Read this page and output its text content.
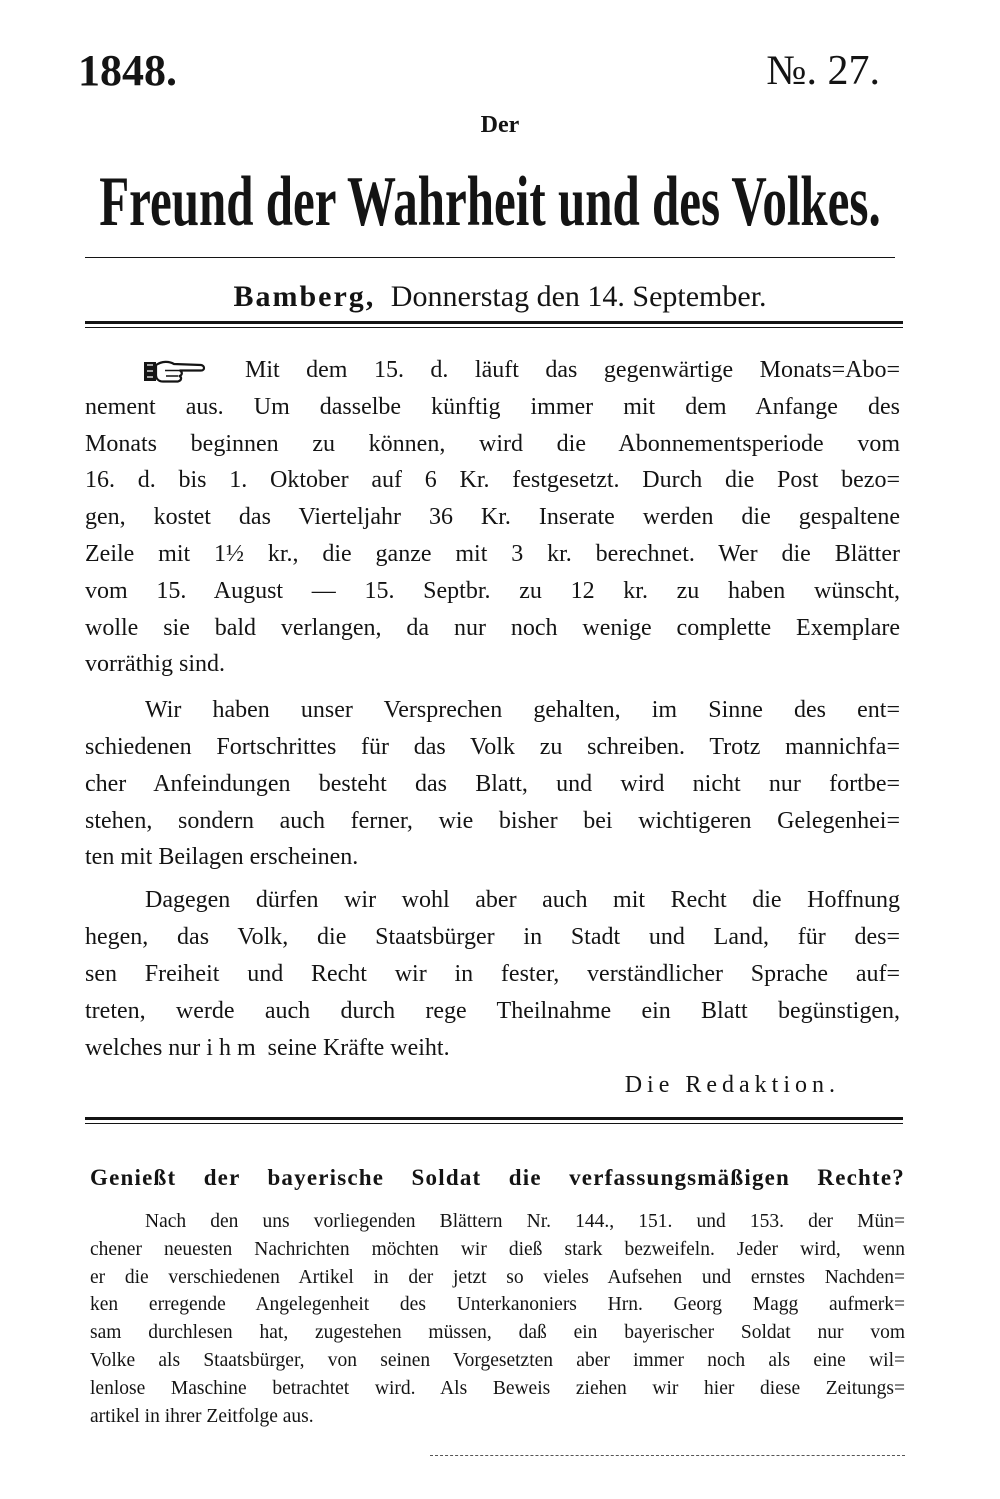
1848.	№. 27.
Der
Freund der Wahrheit und des Volkes.
Bamberg, Donnerstag den 14. September.
Mit dem 15. d. läuft das gegenwärtige Monats=Abo=
nement aus. Um dasselbe künftig immer mit dem Anfange des
Monats beginnen zu können, wird die Abonnementsperiode vom
16. d. bis 1. Oktober auf 6 Kr. festgesetzt. Durch die Post bezo=
gen, kostet das Vierteljahr 36 Kr. Inserate werden die gespaltene
Zeile mit 1½ kr., die ganze mit 3 kr. berechnet. Wer die Blätter
vom 15. August — 15. Septbr. zu 12 kr. zu haben wünscht,
wolle sie bald verlangen, da nur noch wenige complette Exemplare
vorräthig sind.
Wir haben unser Versprechen gehalten, im Sinne des ent=
schiedenen Fortschrittes für das Volk zu schreiben. Trotz mannichfa=
cher Anfeindungen besteht das Blatt, und wird nicht nur fortbe=
stehen, sondern auch ferner, wie bisher bei wichtigeren Gelegenhei=
ten mit Beilagen erscheinen.
Dagegen dürfen wir wohl aber auch mit Recht die Hoffnung
hegen, das Volk, die Staatsbürger in Stadt und Land, für des=
sen Freiheit und Recht wir in fester, verständlicher Sprache auf=
treten, werde auch durch rege Theilnahme ein Blatt begünstigen,
welches nur ihm seine Kräfte weiht.
Die Redaktion.
Genießt der bayerische Soldat die verfassungsmäßigen Rechte?
Nach den uns vorliegenden Blättern Nr. 144., 151. und 153. der Mün=
chener neuesten Nachrichten möchten wir dieß stark bezweifeln. Jeder wird, wenn
er die verschiedenen Artikel in der jetzt so vieles Aufsehen und ernstes Nachden=
ken erregende Angelegenheit des Unterkanoniers Hrn. Georg Magg aufmerk=
sam durchlesen hat, zugestehen müssen, daß ein bayerischer Soldat nur vom
Volke als Staatsbürger, von seinen Vorgesetzten aber immer noch als eine wil=
lenlose Maschine betrachtet wird. Als Beweis ziehen wir hier diese Zeitungs=
artikel in ihrer Zeitfolge aus.
